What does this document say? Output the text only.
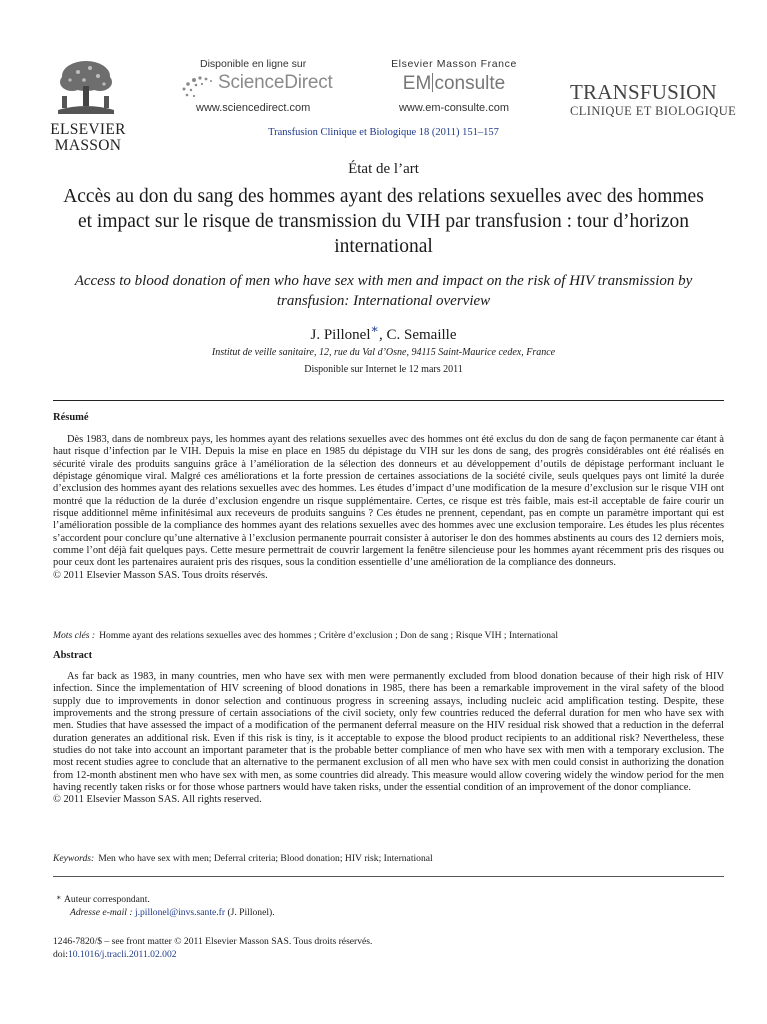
ELSEVIER
MASSON
Disponible en ligne sur
ScienceDirect
www.sciencedirect.com
Elsevier Masson France
EM consulte
www.em-consulte.com
TRANSFUSION
CLINIQUE ET BIOLOGIQUE
Transfusion Clinique et Biologique 18 (2011) 151–157
État de l’art
Accès au don du sang des hommes ayant des relations sexuelles avec des hommes et impact sur le risque de transmission du VIH par transfusion : tour d’horizon international
Access to blood donation of men who have sex with men and impact on the risk of HIV transmission by transfusion: International overview
J. Pillonel∗, C. Semaille
Institut de veille sanitaire, 12, rue du Val d’Osne, 94115 Saint-Maurice cedex, France
Disponible sur Internet le 12 mars 2011
Résumé

Dès 1983, dans de nombreux pays, les hommes ayant des relations sexuelles avec des hommes ont été exclus du don de sang de façon permanente car étant à haut risque d’infection par le VIH. Depuis la mise en place en 1985 du dépistage du VIH sur les dons de sang, des progrès considérables ont été réalisés en sécurité virale des produits sanguins grâce à l’amélioration de la sélection des donneurs et au développement d’outils de dépistage performant incluant le dépistage génomique viral. Malgré ces améliorations et la forte pression de certaines associations de la société civile, seuls quelques pays ont limité la durée d’exclusion des hommes ayant des relations sexuelles avec des hommes. Les études d’impact d’une modification de la mesure d’exclusion sur le risque VIH ont montré que la réduction de la durée d’exclusion engendre un risque supplémentaire. Certes, ce risque est très faible, mais est-il acceptable de faire courir un risque additionnel même infinitésimal aux receveurs de produits sanguins ? Ces études ne prennent, cependant, pas en compte un paramètre important qui est l’amélioration possible de la compliance des hommes ayant des relations sexuelles avec des hommes avec une exclusion temporaire. Les études les plus récentes s’accordent pour conclure qu’une alternative à l’exclusion permanente pourrait consister à autoriser le don des hommes abstinents au cours des 12 derniers mois, comme l’ont déjà fait quelques pays. Cette mesure permettrait de couvrir largement la fenêtre silencieuse pour les hommes ayant récemment pris des risques ou pour ceux dont les partenaires auraient pris des risques, sous la condition essentielle d’une amélioration de la compliance des donneurs.

© 2011 Elsevier Masson SAS. Tous droits réservés.

Mots clés : Homme ayant des relations sexuelles avec des hommes ; Critère d’exclusion ; Don de sang ; Risque VIH ; International
Abstract

As far back as 1983, in many countries, men who have sex with men were permanently excluded from blood donation because of their high risk of HIV infection. Since the implementation of HIV screening of blood donations in 1985, there has been a remarkable improvement in the viral safety of the blood supply due to improvements in donor selection and continuous progress in screening assays, including nucleic acid amplification testing. Despite, these improvements and the strong pressure of certain associations of the civil society, only few countries reduced the deferral duration for men who have sex with men. Studies that have assessed the impact of a modification of the permanent deferral measure on the HIV residual risk showed that a reduction in the deferral duration generates an additional risk. Even if this risk is tiny, is it acceptable to expose the blood product recipients to an additional risk? Nevertheless, these studies do not take into account an important parameter that is the probable better compliance of men who have sex with men with a temporary exclusion. The most recent studies agree to conclude that an alternative to the permanent exclusion of all men who have sex with men could consist in authorizing the donation from 12-month abstinent men who have sex with men, as some countries did already. This measure would allow covering widely the window period for the men having recently taken risks or for those whose partners would have taken risks, under the essential condition of an improvement of the donor compliance.

© 2011 Elsevier Masson SAS. All rights reserved.

Keywords: Men who have sex with men; Deferral criteria; Blood donation; HIV risk; International
∗ Auteur correspondant.
Adresse e-mail : j.pillonel@invs.sante.fr (J. Pillonel).
1246-7820/$ – see front matter © 2011 Elsevier Masson SAS. Tous droits réservés.
doi:10.1016/j.tracli.2011.02.002
